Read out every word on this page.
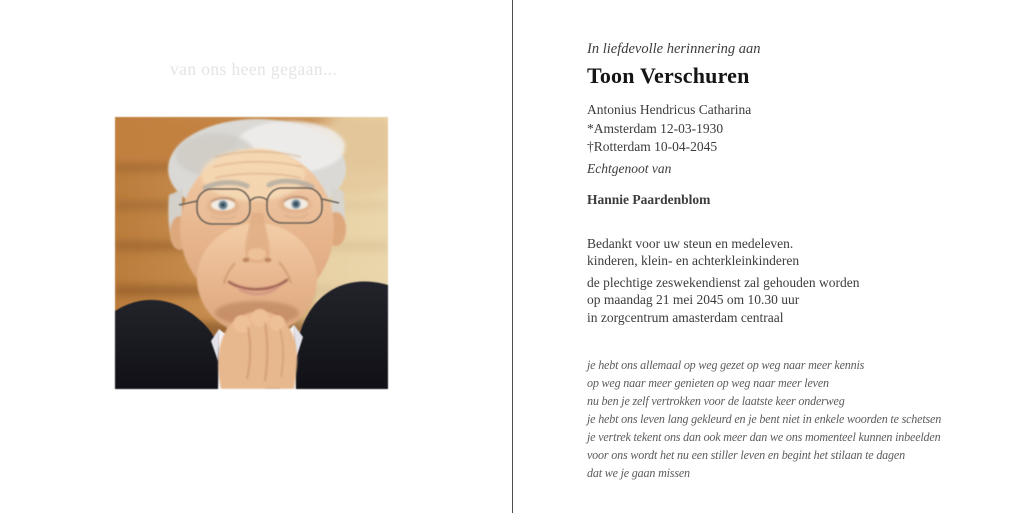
van ons heen gegaan...
In liefdevolle herinnering aan
Toon Verschuren
Antonius Hendricus Catharina
*Amsterdam 12-03-1930
†Rotterdam 10-04-2045
Echtgenoot van
Hannie Paardenblom
Bedankt voor uw steun en medeleven.
kinderen, klein- en achterkleinkinderen
de plechtige zeswekendienst zal gehouden worden
op maandag 21 mei 2045 om 10.30 uur
in zorgcentrum amasterdam centraal
je hebt ons allemaal op weg gezet op weg naar meer kennis
op weg naar meer genieten op weg naar meer leven
nu ben je zelf vertrokken voor de laatste keer onderweg
je hebt ons leven lang gekleurd en je bent niet in enkele woorden te schetsen
je vertrek tekent ons dan ook meer dan we ons momenteel kunnen inbeelden
voor ons wordt het nu een stiller leven en begint het stilaan te dagen
dat we je gaan missen
